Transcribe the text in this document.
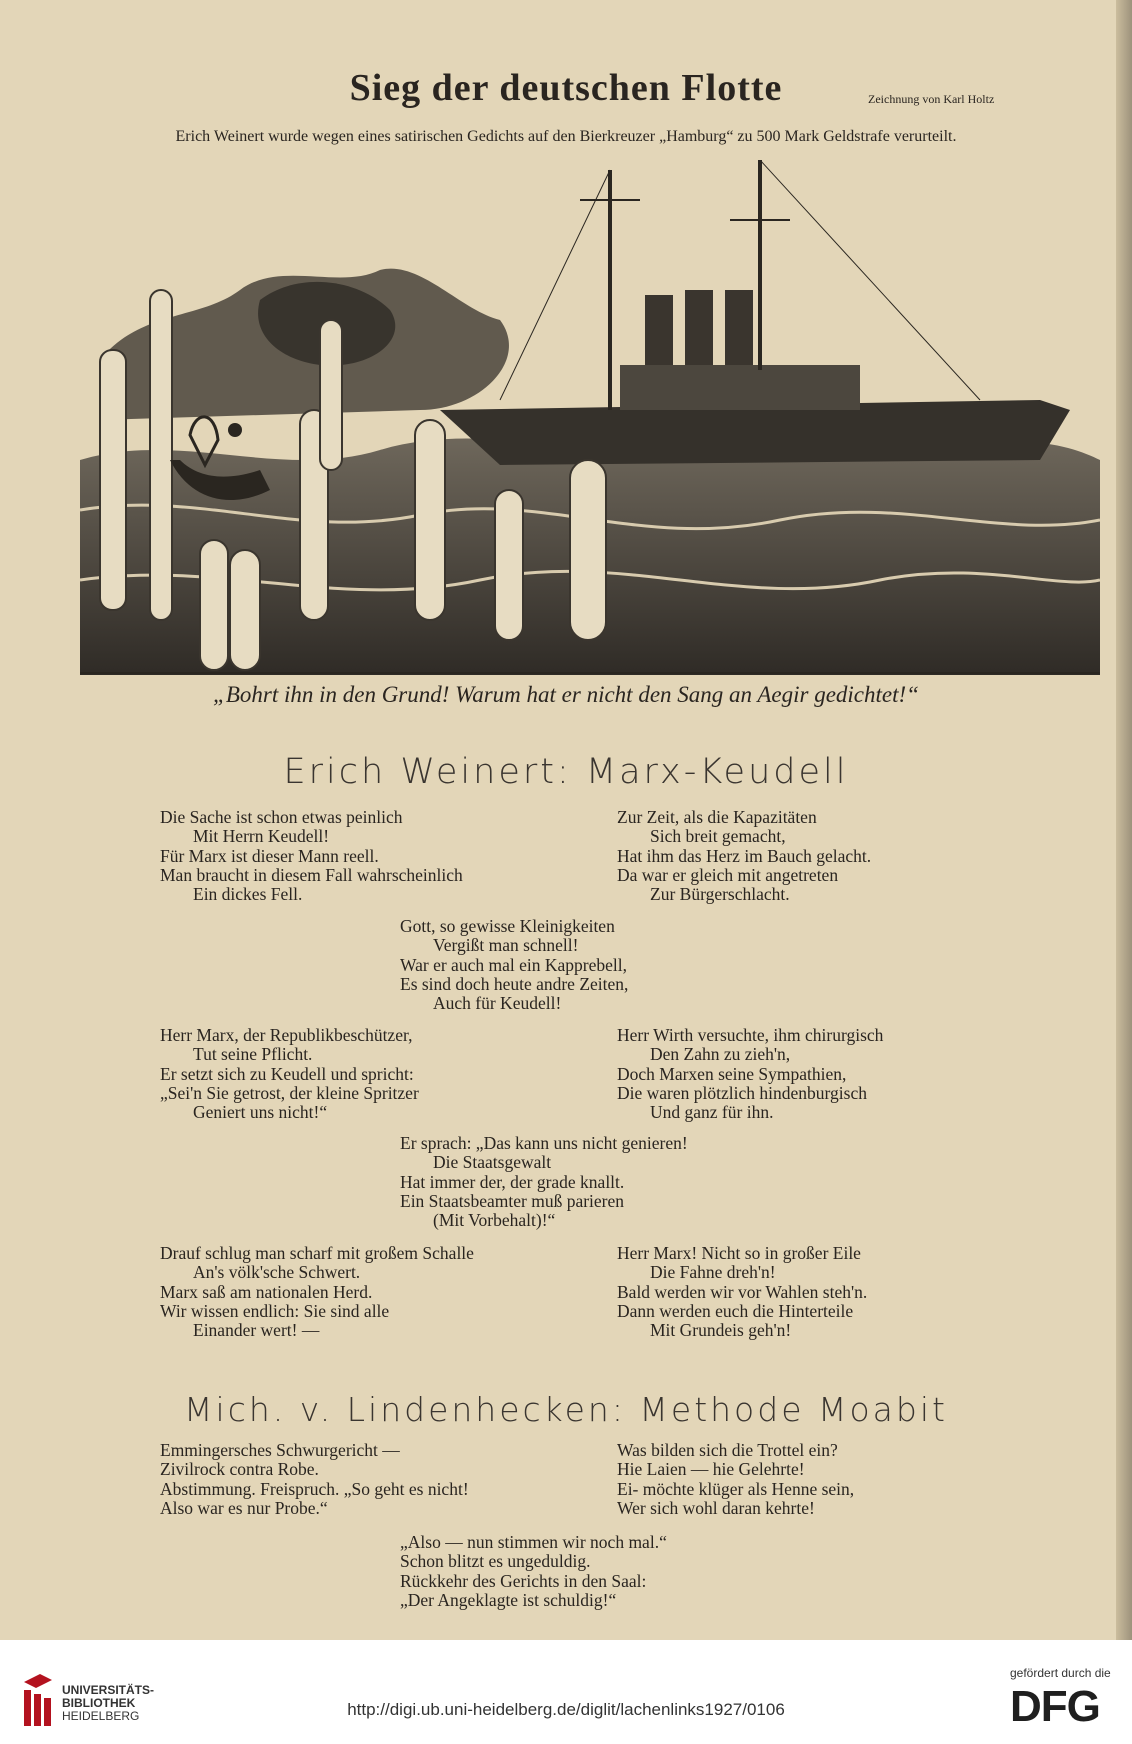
Sieg der deutschen Flotte	Zeichnung von Karl Holtz
Erich Weinert wurde wegen eines satirischen Gedichts auf den Bierkreuzer „Hamburg“ zu 500 Mark Geldstrafe verurteilt.
„Bohrt ihn in den Grund! Warum hat er nicht den Sang an Aegir gedichtet!“
Erich Weinert: Marx-Keudell
Die Sache ist schon etwas peinlich
Mit Herrn Keudell!
Für Marx ist dieser Mann reell.
Man braucht in diesem Fall wahrscheinlich
Ein dickes Fell.
Zur Zeit, als die Kapazitäten
Sich breit gemacht,
Hat ihm das Herz im Bauch gelacht.
Da war er gleich mit angetreten
Zur Bürgerschlacht.
Gott, so gewisse Kleinigkeiten
Vergißt man schnell!
War er auch mal ein Kapprebell,
Es sind doch heute andre Zeiten,
Auch für Keudell!
Herr Marx, der Republikbeschützer,
Tut seine Pflicht.
Er setzt sich zu Keudell und spricht:
„Sei'n Sie getrost, der kleine Spritzer
Geniert uns nicht!“
Herr Wirth versuchte, ihm chirurgisch
Den Zahn zu zieh'n,
Doch Marxen seine Sympathien,
Die waren plötzlich hindenburgisch
Und ganz für ihn.
Er sprach: „Das kann uns nicht genieren!
Die Staatsgewalt
Hat immer der, der grade knallt.
Ein Staatsbeamter muß parieren
(Mit Vorbehalt)!“
Drauf schlug man scharf mit großem Schalle
An's völk'sche Schwert.
Marx saß am nationalen Herd.
Wir wissen endlich: Sie sind alle
Einander wert! —
Herr Marx! Nicht so in großer Eile
Die Fahne dreh'n!
Bald werden wir vor Wahlen steh'n.
Dann werden euch die Hinterteile
Mit Grundeis geh'n!
Mich. v. Lindenhecken: Methode Moabit
Emmingersches Schwurgericht —
Zivilrock contra Robe.
Abstimmung. Freispruch. „So geht es nicht!
Also war es nur Probe.“
Was bilden sich die Trottel ein?
Hie Laien — hie Gelehrte!
Ei- möchte klüger als Henne sein,
Wer sich wohl daran kehrte!
„Also — nun stimmen wir noch mal.“
Schon blitzt es ungeduldig.
Rückkehr des Gerichts in den Saal:
„Der Angeklagte ist schuldig!“
UNIVERSITÄTS-
BIBLIOTHEK
HEIDELBERG	http://digi.ub.uni-heidelberg.de/diglit/lachenlinks1927/0106
gefördert durch die
DFG
